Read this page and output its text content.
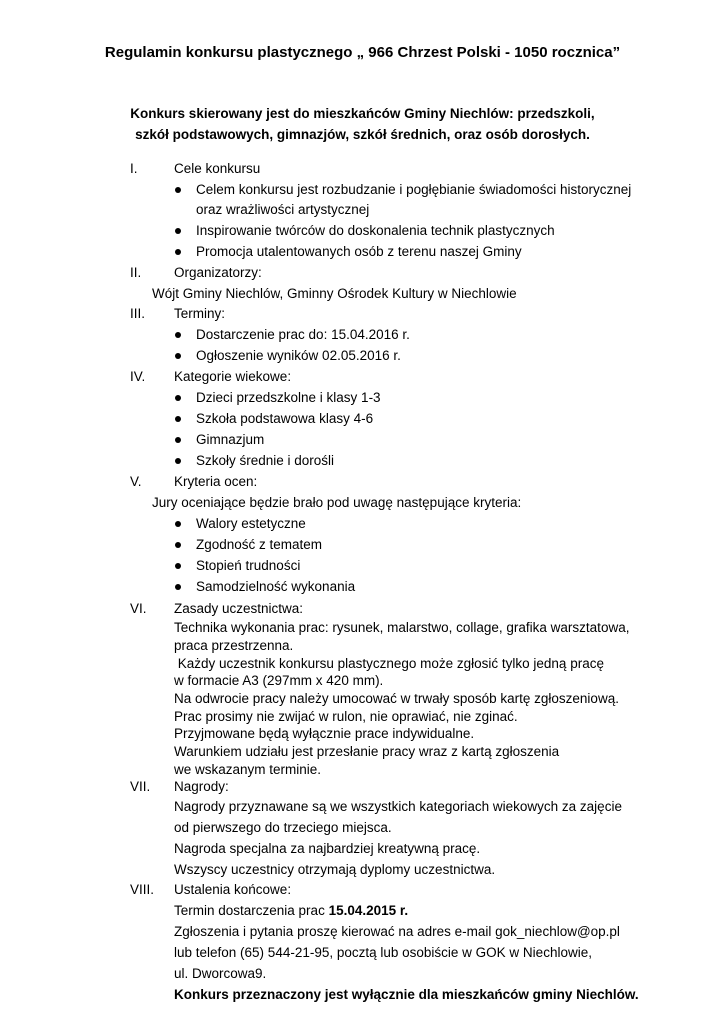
Regulamin konkursu plastycznego „ 966 Chrzest Polski - 1050 rocznica”
Konkurs skierowany jest do mieszkańców Gminy Niechlów: przedszkoli,
szkół podstawowych, gimnazjów, szkół średnich, oraz osób dorosłych.
I.	Cele konkursu
Celem konkursu jest rozbudzanie i pogłębianie świadomości historycznej
oraz wrażliwości artystycznej
Inspirowanie twórców do doskonalenia technik plastycznych
Promocja utalentowanych osób z terenu naszej Gminy
II. Organizatorzy:
Wójt Gminy Niechlów, Gminny Ośrodek Kultury w Niechlowie
III. Terminy:
Dostarczenie prac do: 15.04.2016 r.
Ogłoszenie wyników 02.05.2016 r.
IV. Kategorie wiekowe:
Dzieci przedszkolne i klasy 1-3
Szkoła podstawowa klasy 4-6
Gimnazjum
Szkoły średnie i dorośli
V. Kryteria ocen:
Jury oceniające będzie brało pod uwagę następujące kryteria:
Walory estetyczne
Zgodność z tematem
Stopień trudności
Samodzielność wykonania
VI. Zasady uczestnictwa:
Technika wykonania prac: rysunek, malarstwo, collage, grafika warsztatowa,
praca przestrzenna.
Każdy uczestnik konkursu plastycznego może zgłosić tylko jedną pracę
w formacie A3 (297mm x 420 mm).
Na odwrocie pracy należy umocować w trwały sposób kartę zgłoszeniową.
Prac prosimy nie zwijać w rulon, nie oprawiać, nie zginać.
Przyjmowane będą wyłącznie prace indywidualne.
Warunkiem udziału jest przesłanie pracy wraz z kartą zgłoszenia
we wskazanym terminie.
VII. Nagrody:
Nagrody przyznawane są we wszystkich kategoriach wiekowych za zajęcie
od pierwszego do trzeciego miejsca.
Nagroda specjalna za najbardziej kreatywną pracę.
Wszyscy uczestnicy otrzymają dyplomy uczestnictwa.
VIII. Ustalenia końcowe:
Termin dostarczenia prac 15.04.2015 r.
Zgłoszenia i pytania proszę kierować na adres e-mail gok_niechlow@op.pl
lub telefon (65) 544-21-95, pocztą lub osobiście w GOK w Niechlowie,
ul. Dworcowa9.
Konkurs przeznaczony jest wyłącznie dla mieszkańców gminy Niechlów.
